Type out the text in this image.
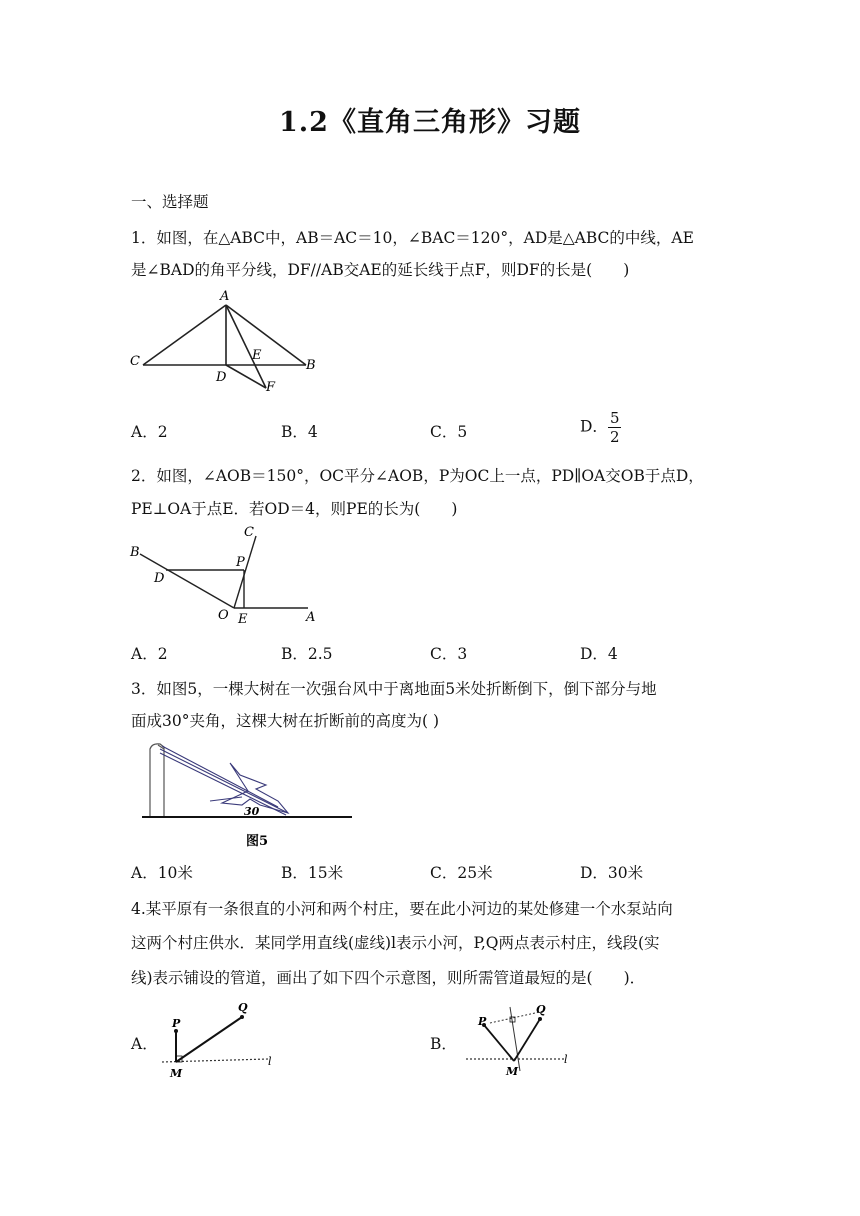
1.2《直角三角形》习题
一、选择题
1．如图，在△ABC中，AB＝AC＝10，∠BAC＝120°，AD是△ABC的中线，AE
是∠BAD的角平分线，DF//AB交AE的延长线于点F，则DF的长是(　　)
A
C	B
D
E
F
A．2	B．4	C．5	D． $\frac{5}{2}$
2．如图，∠AOB＝150°，OC平分∠AOB，P为OC上一点，PD∥OA交OB于点D，
PE⊥OA于点E．若OD＝4，则PE的长为(　　)
B
C
D
P
O E	A
A．2	B．2.5	C．3	D．4
3．如图5，一棵大树在一次强台风中于离地面5米处折断倒下，倒下部分与地
面成30°夹角，这棵大树在折断前的高度为( )
30
图5
A．10米	B．15米	C．25米	D．30米
4.某平原有一条很直的小河和两个村庄，要在此小河边的某处修建一个水泵站向
这两个村庄供水．某同学用直线(虚线)l表示小河，P,Q两点表示村庄，线段(实
线)表示铺设的管道，画出了如下四个示意图，则所需管道最短的是(　　)．
A．
P
Q
M
l
B．
P
Q
M
l
